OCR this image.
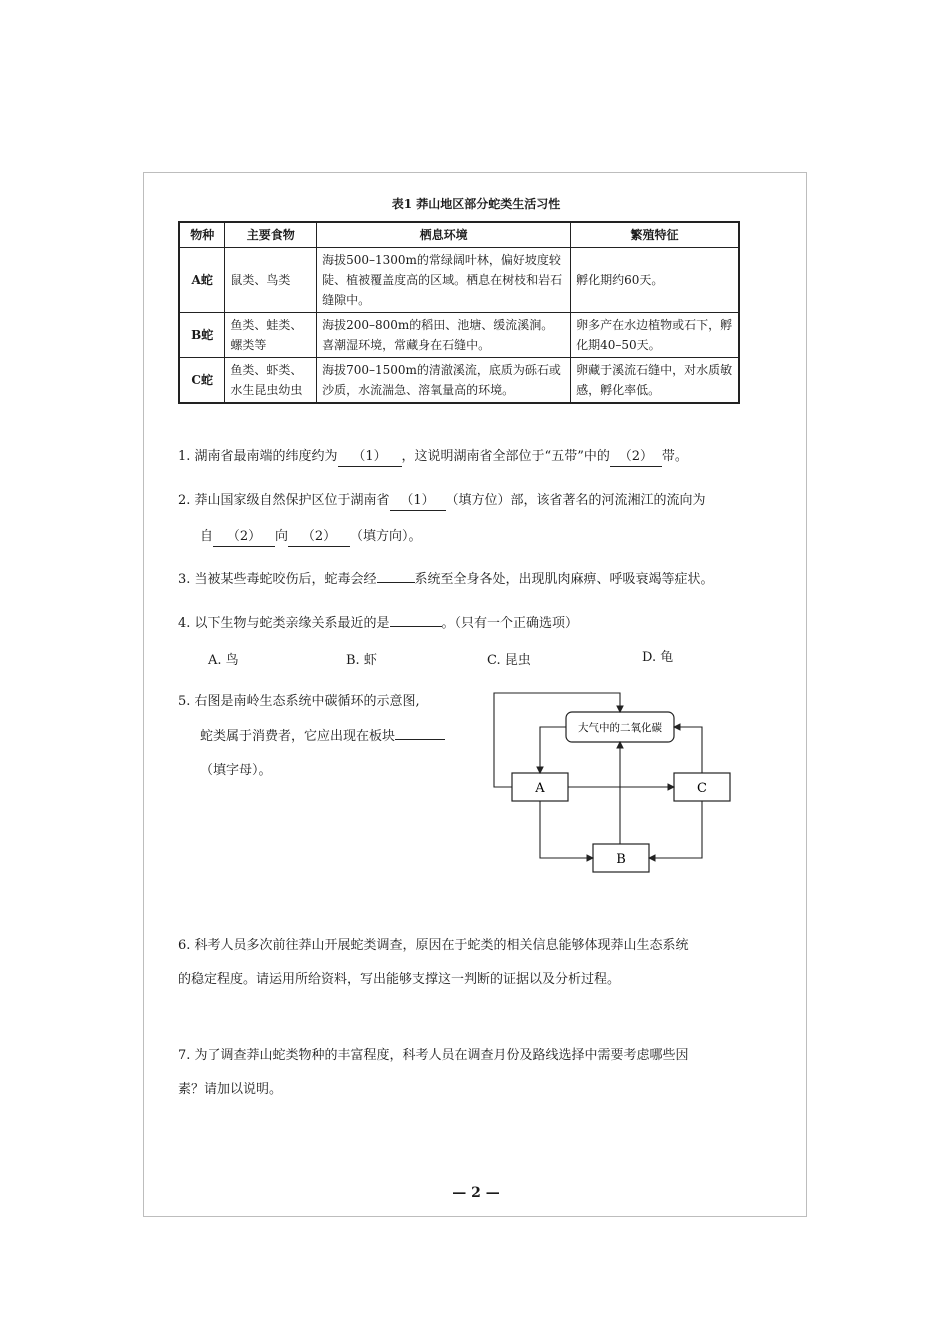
表1 莽山地区部分蛇类生活习性
物种	主要食物	栖息环境	繁殖特征
A蛇	鼠类、鸟类	海拔500–1300m的常绿阔叶林，偏好坡度较陡、植被覆盖度高的区域。栖息在树枝和岩石缝隙中。	孵化期约60天。
B蛇	鱼类、蛙类、螺类等	海拔200–800m的稻田、池塘、缓流溪涧。喜潮湿环境，常藏身在石缝中。	卵多产在水边植物或石下，孵化期40–50天。
C蛇	鱼类、虾类、水生昆虫幼虫	海拔700–1500m的清澈溪流，底质为砾石或沙质，水流湍急、溶氧量高的环境。	卵藏于溪流石缝中，对水质敏感，孵化率低。
1. 湖南省最南端的纬度约为 （1） ，这说明湖南省全部位于“五带”中的 （2） 带。
2. 莽山国家级自然保护区位于湖南省 （1） （填方位）部，该省著名的河流湘江的流向为
自 （2） 向 （2） （填方向）。
3. 当被某些毒蛇咬伤后，蛇毒会经	系统至全身各处，出现肌肉麻痹、呼吸衰竭等症状。
4. 以下生物与蛇类亲缘关系最近的是	。（只有一个正确选项）
A. 鸟	B. 虾	C. 昆虫	D. 龟
5. 右图是南岭生态系统中碳循环的示意图,
蛇类属于消费者，它应出现在板块
（填字母）。
大气中的二氧化碳
A	C
B
6. 科考人员多次前往莽山开展蛇类调查，原因在于蛇类的相关信息能够体现莽山生态系统
的稳定程度。请运用所给资料，写出能够支撑这一判断的证据以及分析过程。
7. 为了调查莽山蛇类物种的丰富程度，科考人员在调查月份及路线选择中需要考虑哪些因
素？请加以说明。
— 2 —
